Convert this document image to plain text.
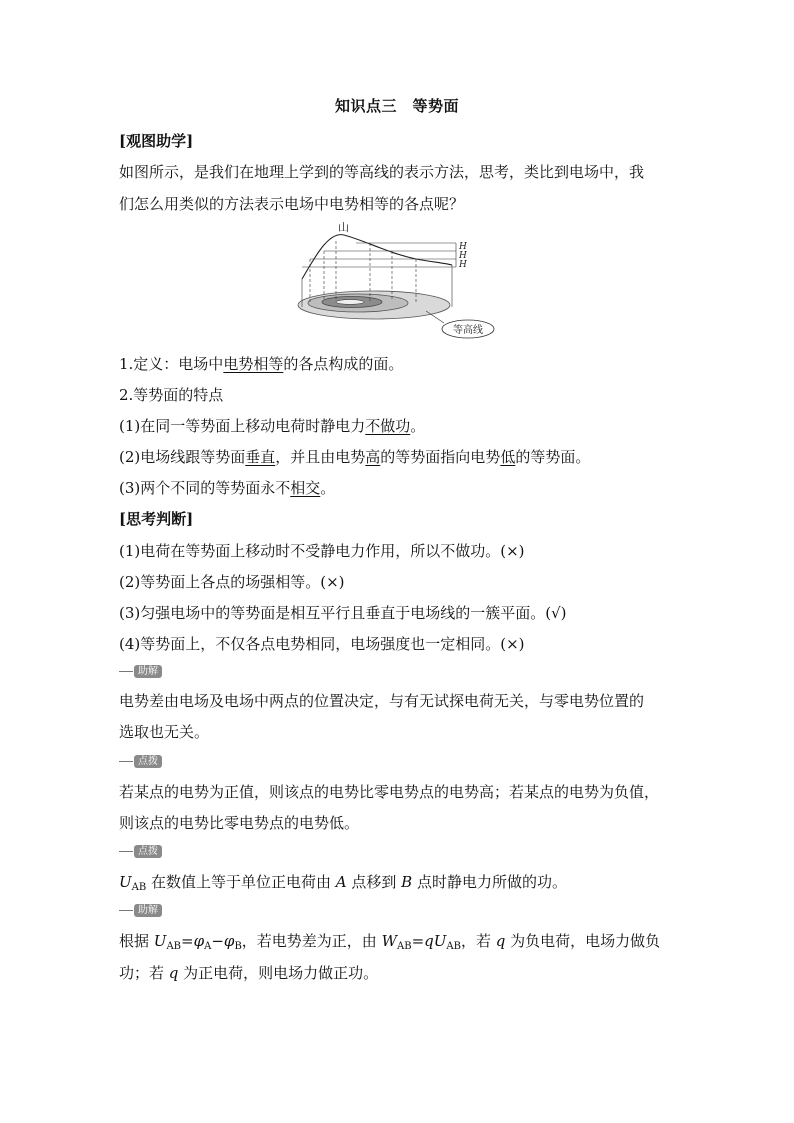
知识点三　等势面
[观图助学]
如图所示，是我们在地理上学到的等高线的表示方法，思考，类比到电场中，我
们怎么用类似的方法表示电场中电势相等的各点呢？
H
H
H
山
等高线
1.定义：电场中电势相等的各点构成的面。
2.等势面的特点
(1)在同一等势面上移动电荷时静电力不做功。
(2)电场线跟等势面垂直，并且由电势高的等势面指向电势低的等势面。
(3)两个不同的等势面永不相交。
[思考判断]
(1)电荷在等势面上移动时不受静电力作用，所以不做功。(×)
(2)等势面上各点的场强相等。(×)
(3)匀强电场中的等势面是相互平行且垂直于电场线的一簇平面。(√)
(4)等势面上，不仅各点电势相同，电场强度也一定相同。(×)
助解
电势差由电场及电场中两点的位置决定，与有无试探电荷无关，与零电势位置的
选取也无关。
点拨
若某点的电势为正值，则该点的电势比零电势点的电势高；若某点的电势为负值，
则该点的电势比零电势点的电势低。
点拨
$U_{AB}$ 在数值上等于单位正电荷由 A 点移到 B 点时静电力所做的功。
助解
根据 $U_{AB}=\varphi_A-\varphi_B$，若电势差为正，由 $W_{AB}=qU_{AB}$，若 q 为负电荷，电场力做负
功；若 q 为正电荷，则电场力做正功。
